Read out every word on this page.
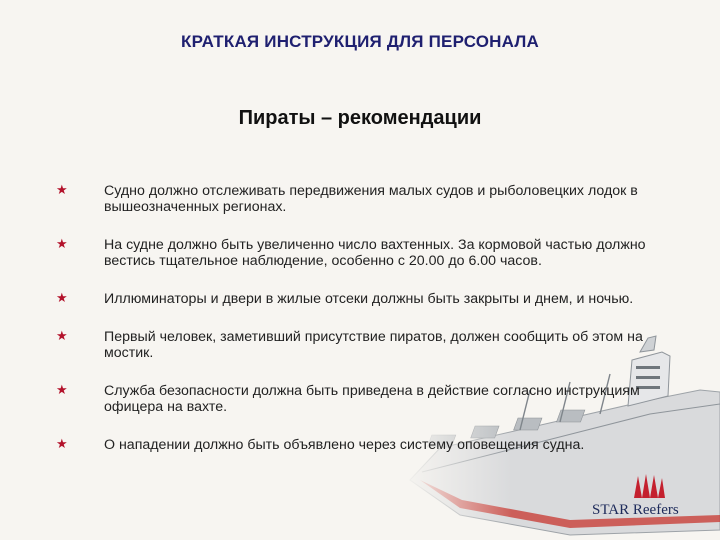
КРАТКАЯ ИНСТРУКЦИЯ ДЛЯ ПЕРСОНАЛА
Пираты – рекомендации
★	Судно должно отслеживать передвижения малых судов и рыболовецких лодок в вышеозначенных регионах.
★	На судне должно быть увеличенно число вахтенных. За кормовой частью должно вестись тщательное наблюдение, особенно с 20.00 до 6.00 часов.
★	Иллюминаторы и двери в жилые отсеки должны быть закрыты и днем, и ночью.
★	Первый человек, заметивший присутствие пиратов, должен сообщить об этом на мостик.
★	Служба безопасности должна быть приведена в действие согласно инструкциям офицера на вахте.
★	О нападении должно быть объявлено через систему оповещения судна.
STAR Reefers
